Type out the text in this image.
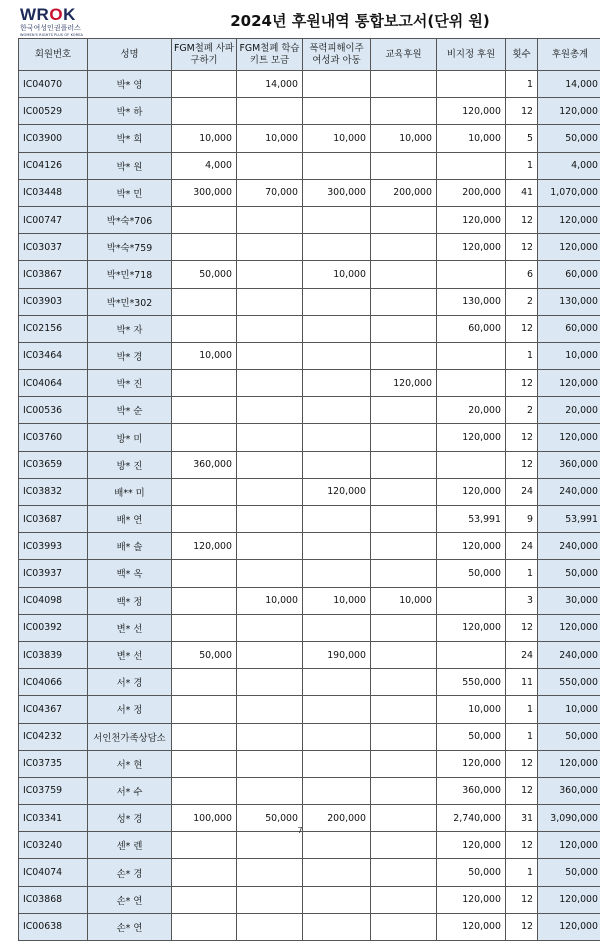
WROK
한국여성인권플러스
WOMEN'S RIGHTS PLUS OF KOREA
2024년 후원내역 통합보고서(단위 원)
회원번호	성명	FGM철폐 사파구하기	FGM철폐 학습키트 모금	폭력피해이주 여성과 아동	교육후원	비지정 후원	횟수	후원총계
IC04070	박* 영		14,000				1	14,000
IC00529	박* 하					120,000	12	120,000
IC03900	박* 희	10,000	10,000	10,000	10,000	10,000	5	50,000
IC04126	박* 원	4,000					1	4,000
IC03448	박* 민	300,000	70,000	300,000	200,000	200,000	41	1,070,000
IC00747	박*숙*706					120,000	12	120,000
IC03037	박*숙*759					120,000	12	120,000
IC03867	박*민*718	50,000		10,000			6	60,000
IC03903	박*민*302					130,000	2	130,000
IC02156	박* 자					60,000	12	60,000
IC03464	박* 경	10,000					1	10,000
IC04064	박* 진				120,000		12	120,000
IC00536	박* 순					20,000	2	20,000
IC03760	방* 미					120,000	12	120,000
IC03659	방* 진	360,000					12	360,000
IC03832	배** 미			120,000		120,000	24	240,000
IC03687	배* 연					53,991	9	53,991
IC03993	배* 솔	120,000				120,000	24	240,000
IC03937	백* 옥					50,000	1	50,000
IC04098	백* 정		10,000	10,000	10,000		3	30,000
IC00392	변* 선					120,000	12	120,000
IC03839	변* 선	50,000		190,000			24	240,000
IC04066	서* 경					550,000	11	550,000
IC04367	서* 정					10,000	1	10,000
IC04232	서인천가족상담소					50,000	1	50,000
IC03735	서* 현					120,000	12	120,000
IC03759	서* 수					360,000	12	360,000
IC03341	성* 경	100,000	50,000	200,000		2,740,000	31	3,090,000
IC03240	센* 렌					120,000	12	120,000
IC04074	손* 경					50,000	1	50,000
IC03868	손* 연					120,000	12	120,000
IC00638	손* 연					120,000	12	120,000
7
